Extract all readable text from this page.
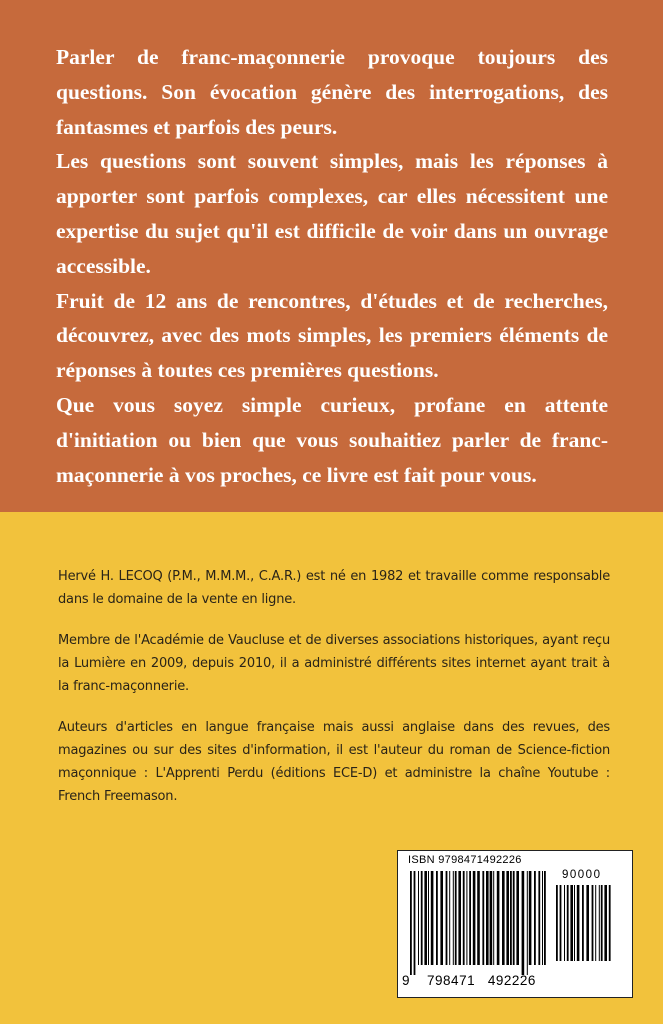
Parler de franc-maçonnerie provoque toujours des questions. Son évocation génère des interrogations, des fantasmes et parfois des peurs.

Les questions sont souvent simples, mais les réponses à apporter sont parfois complexes, car elles nécessitent une expertise du sujet qu'il est difficile de voir dans un ouvrage accessible.

Fruit de 12 ans de rencontres, d'études et de recherches, découvrez, avec des mots simples, les premiers éléments de réponses à toutes ces premières questions.

Que vous soyez simple curieux, profane en attente d'initiation ou bien que vous souhaitiez parler de franc-maçonnerie à vos proches, ce livre est fait pour vous.

Hervé H. LECOQ (P.M., M.M.M., C.A.R.) est né en 1982 et travaille comme responsable dans le domaine de la vente en ligne.

Membre de l'Académie de Vaucluse et de diverses associations historiques, ayant reçu la Lumière en 2009, depuis 2010, il a administré différents sites internet ayant trait à la franc-maçonnerie.

Auteurs d'articles en langue française mais aussi anglaise dans des revues, des magazines ou sur des sites d'information, il est l'auteur du roman de Science-fiction maçonnique : L'Apprenti Perdu (éditions ECE-D) et administre la chaîne Youtube : French Freemason.

ISBN 9798471492226
90000
9 798471 492226
